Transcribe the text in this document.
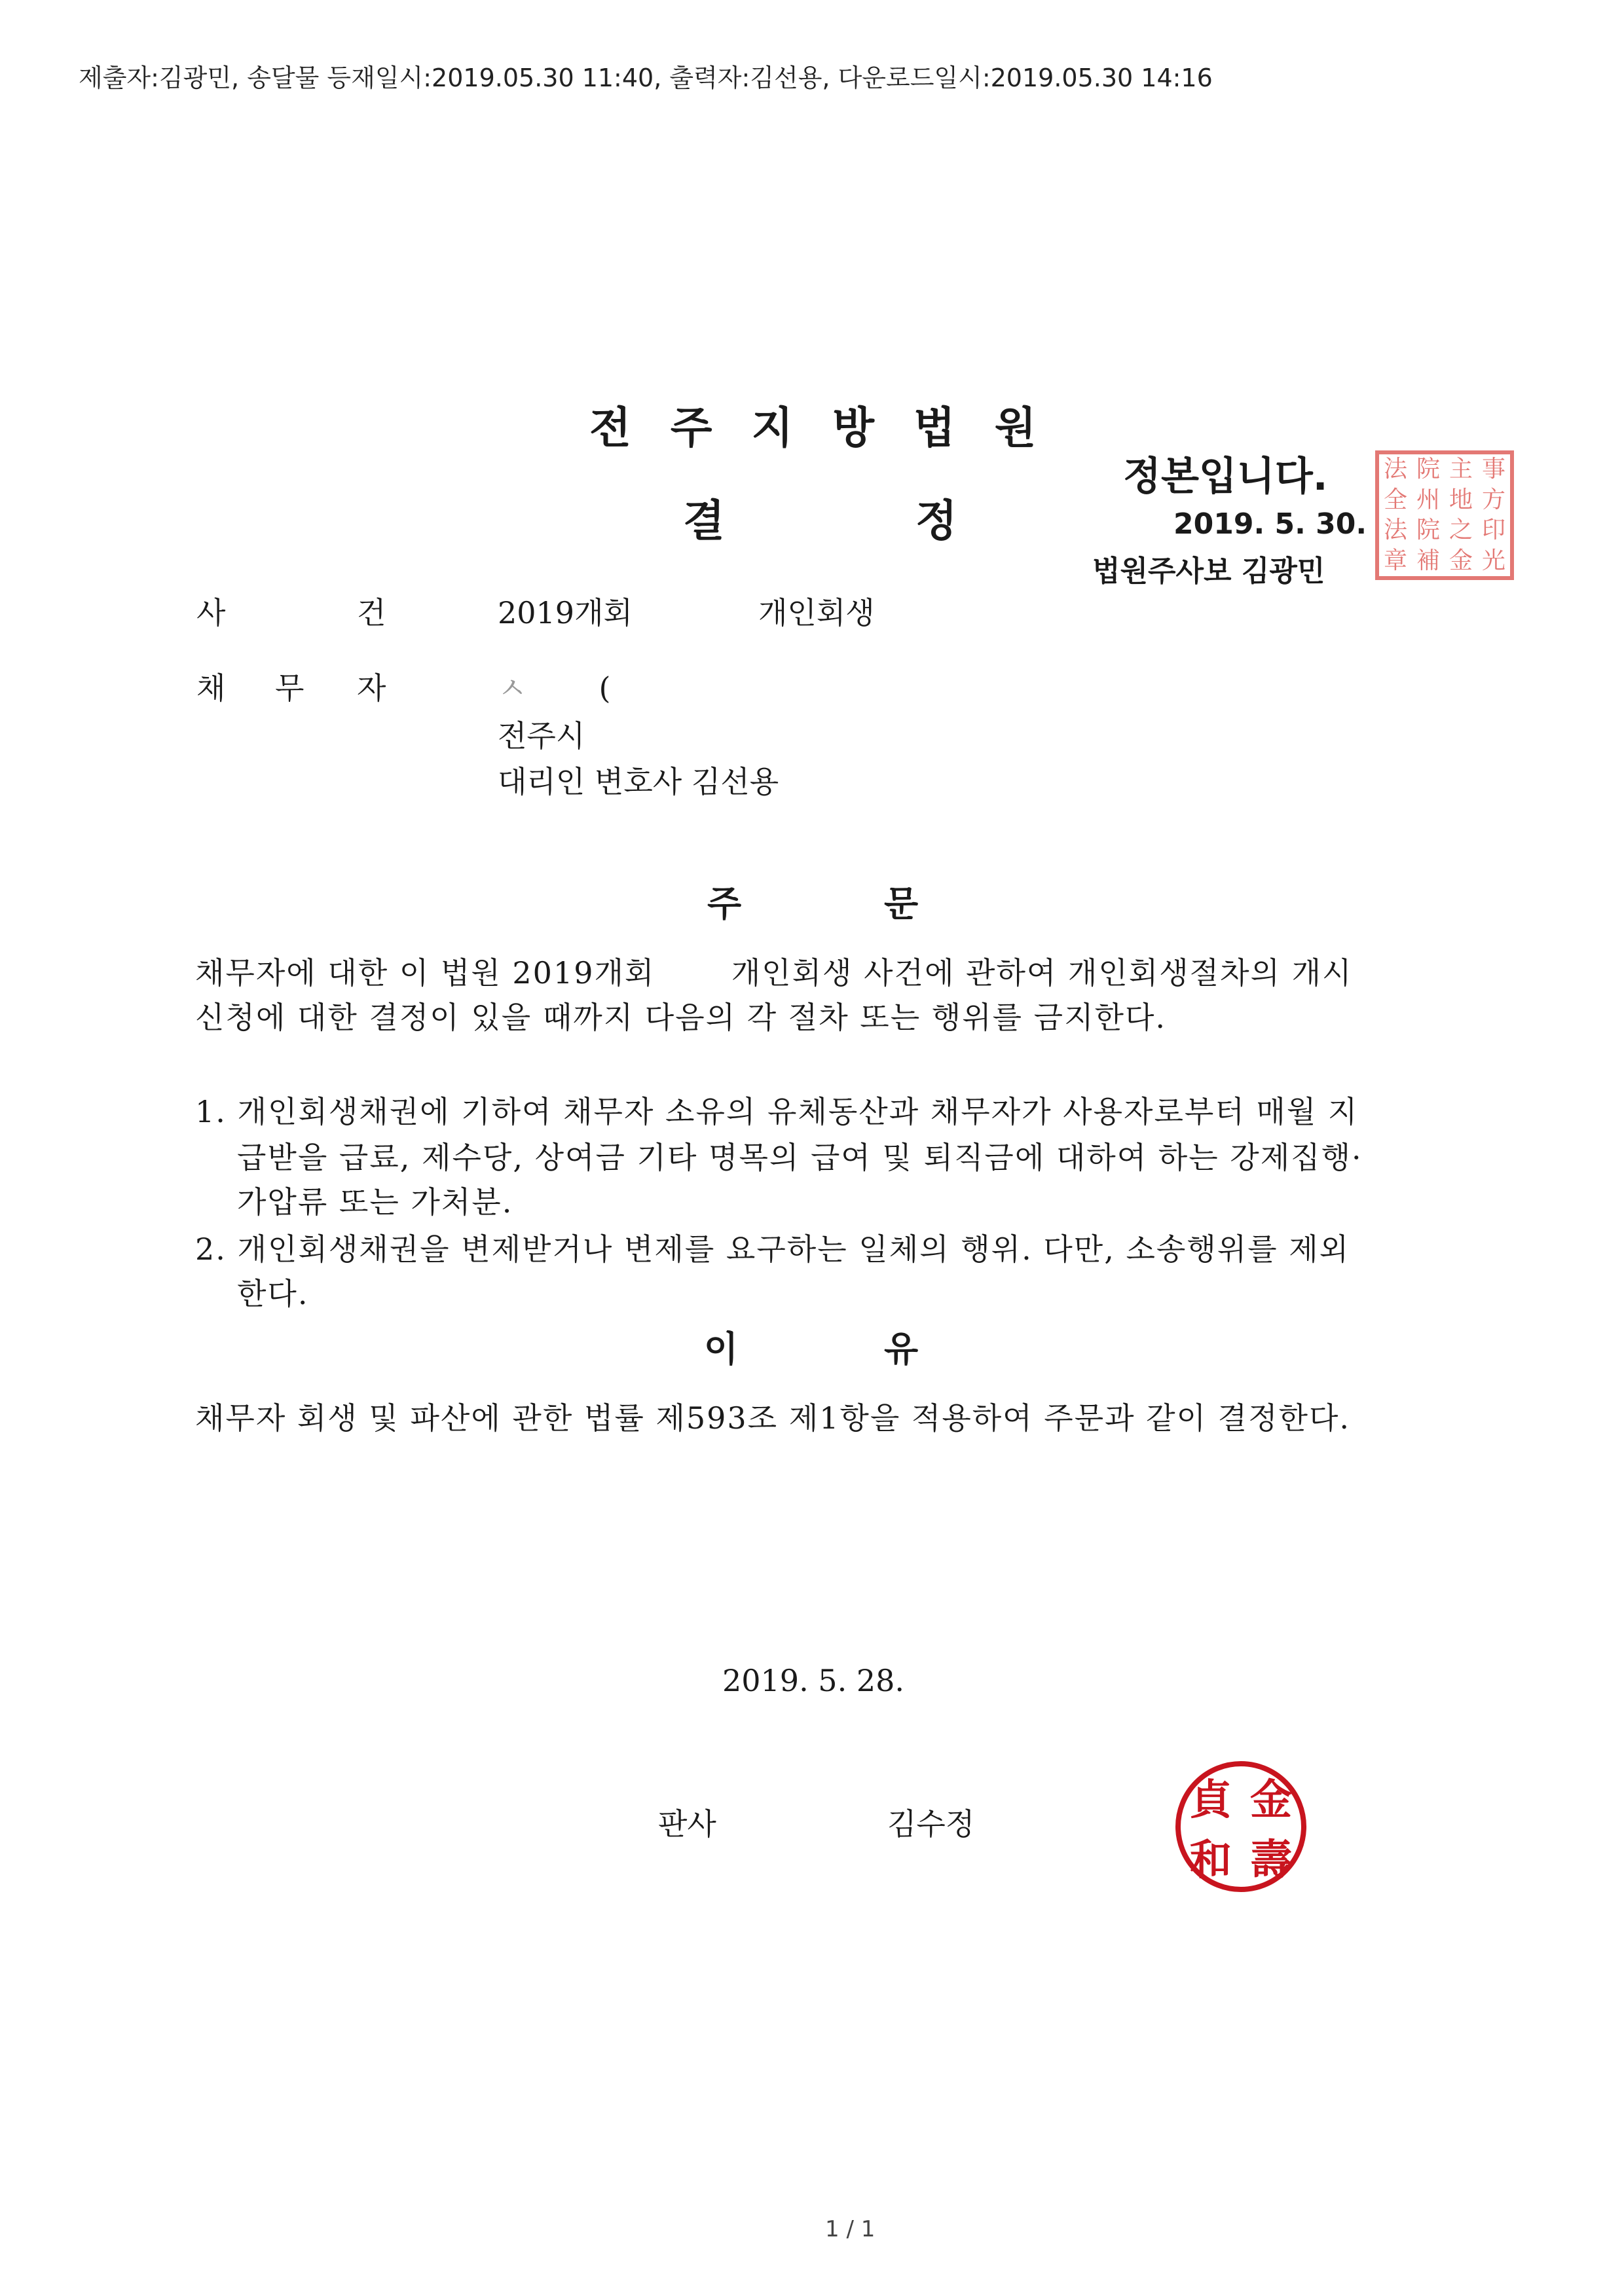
제출자:김광민, 송달물 등재일시:2019.05.30 11:40, 출력자:김선용, 다운로드일시:2019.05.30 14:16
전주지방법원
결	정
정본입니다.
2019. 5. 30.
법원주사보 김광민
法 院 主 事
全 州 地 方
法 院 之 印
章 補 金 光
사	건	2019개회	개인회생
채 무 자	ㅅ (
전주시
대리인 변호사 김선용
주	문
채무자에 대한 이 법원 2019개회       개인회생 사건에 관하여 개인회생절차의 개시
신청에 대한 결정이 있을 때까지 다음의 각 절차 또는 행위를 금지한다.
1. 개인회생채권에 기하여 채무자 소유의 유체동산과 채무자가 사용자로부터 매월 지
급받을 급료, 제수당, 상여금 기타 명목의 급여 및 퇴직금에 대하여 하는 강제집행·
가압류 또는 가처분.
2. 개인회생채권을 변제받거나 변제를 요구하는 일체의 행위. 다만, 소송행위를 제외
한다.
이	유
채무자 회생 및 파산에 관한 법률 제593조 제1항을 적용하여 주문과 같이 결정한다.
2019. 5. 28.
판사	김수정	貞 金
和 壽
1 / 1
